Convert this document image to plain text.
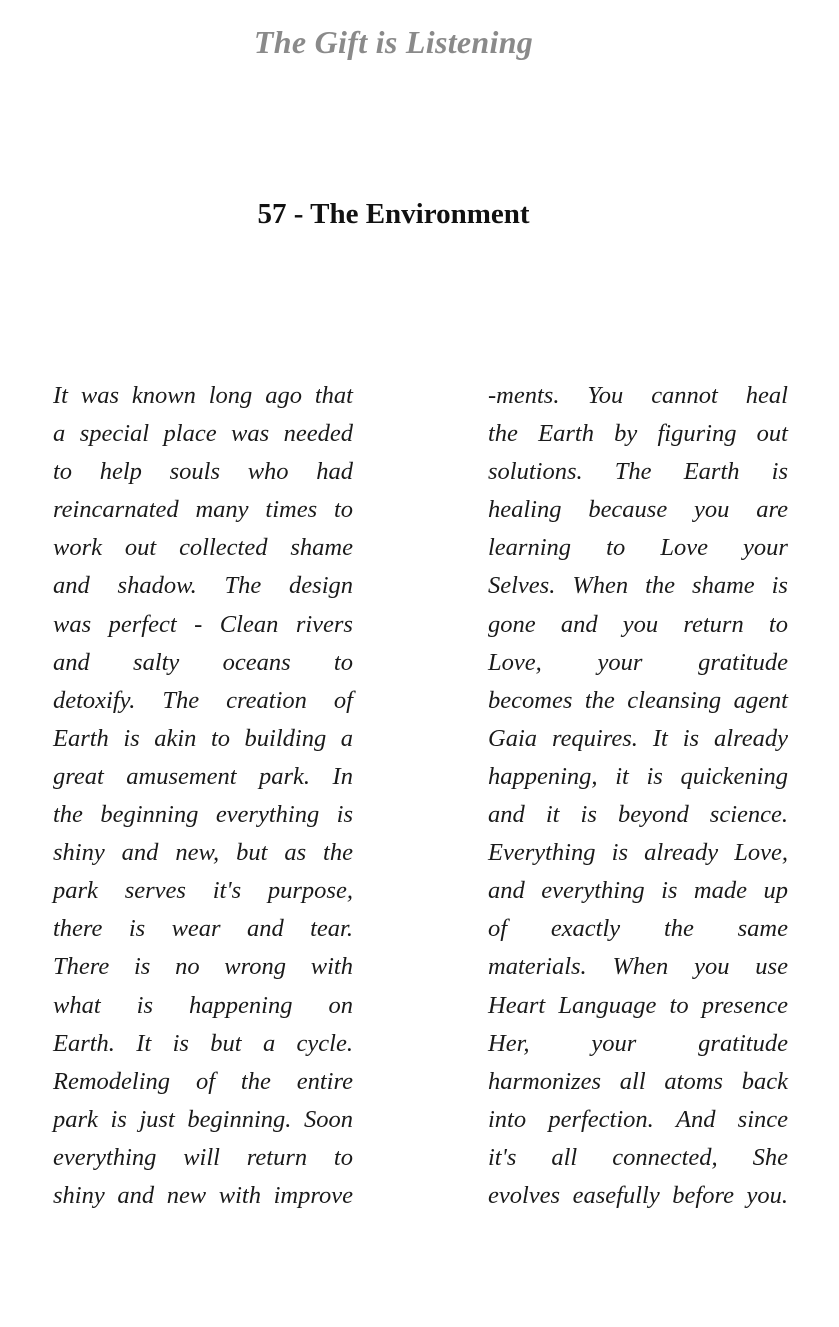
The Gift is Listening
57 - The Environment
It was known long ago that
a special place was needed
to help souls who had
reincarnated many times to
work out collected shame
and shadow. The design
was perfect - Clean rivers
and salty oceans to
detoxify. The creation of
Earth is akin to building a
great amusement park. In
the beginning everything is
shiny and new, but as the
park serves it's purpose,
there is wear and tear.
There is no wrong with
what is happening on
Earth. It is but a cycle.
Remodeling of the entire
park is just beginning. Soon
everything will return to
shiny and new with improve
-ments. You cannot heal
the Earth by figuring out
solutions. The Earth is
healing because you are
learning to Love your
Selves. When the shame is
gone and you return to
Love, your gratitude
becomes the cleansing agent
Gaia requires. It is already
happening, it is quickening
and it is beyond science.
Everything is already Love,
and everything is made up
of exactly the same
materials. When you use
Heart Language to presence
Her,	your	gratitude
harmonizes all atoms back
into perfection. And since
it's all connected, She
evolves easefully before you.
